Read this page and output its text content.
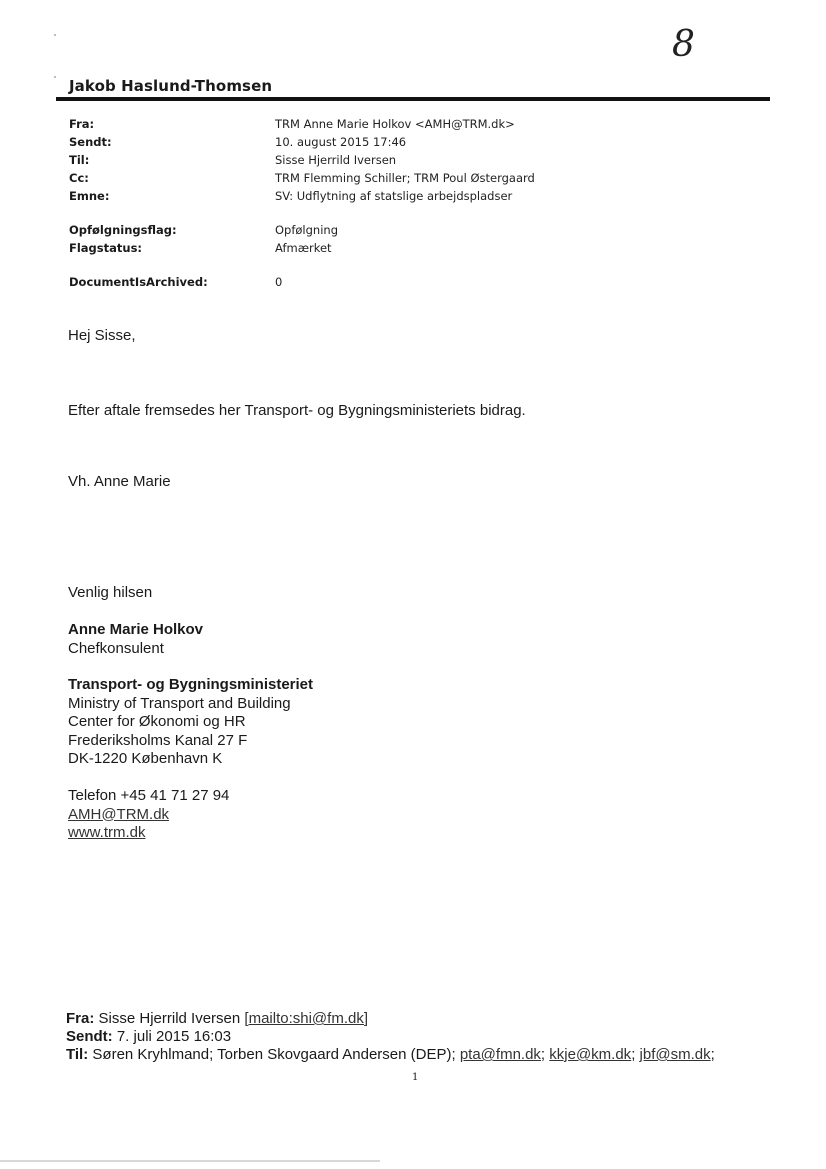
8
Jakob Haslund-Thomsen
Fra:	TRM Anne Marie Holkov <AMH@TRM.dk>
Sendt:	10. august 2015 17:46
Til:	Sisse Hjerrild Iversen
Cc:	TRM Flemming Schiller; TRM Poul Østergaard
Emne:	SV: Udflytning af statslige arbejdspladser
Opfølgningsflag:	Opfølgning
Flagstatus:	Afmærket
DocumentIsArchived:	0
Hej Sisse,
Efter aftale fremsedes her Transport- og Bygningsministeriets bidrag.
Vh. Anne Marie
Venlig hilsen
Anne Marie Holkov
Chefkonsulent
Transport- og Bygningsministeriet
Ministry of Transport and Building
Center for Økonomi og HR
Frederiksholms Kanal 27 F
DK-1220 København K
Telefon +45 41 71 27 94
AMH@TRM.dk
www.trm.dk
Fra: Sisse Hjerrild Iversen [mailto:shi@fm.dk]
Sendt: 7. juli 2015 16:03
Til: Søren Kryhlmand; Torben Skovgaard Andersen (DEP); pta@fmn.dk; kkje@km.dk; jbf@sm.dk;
1
